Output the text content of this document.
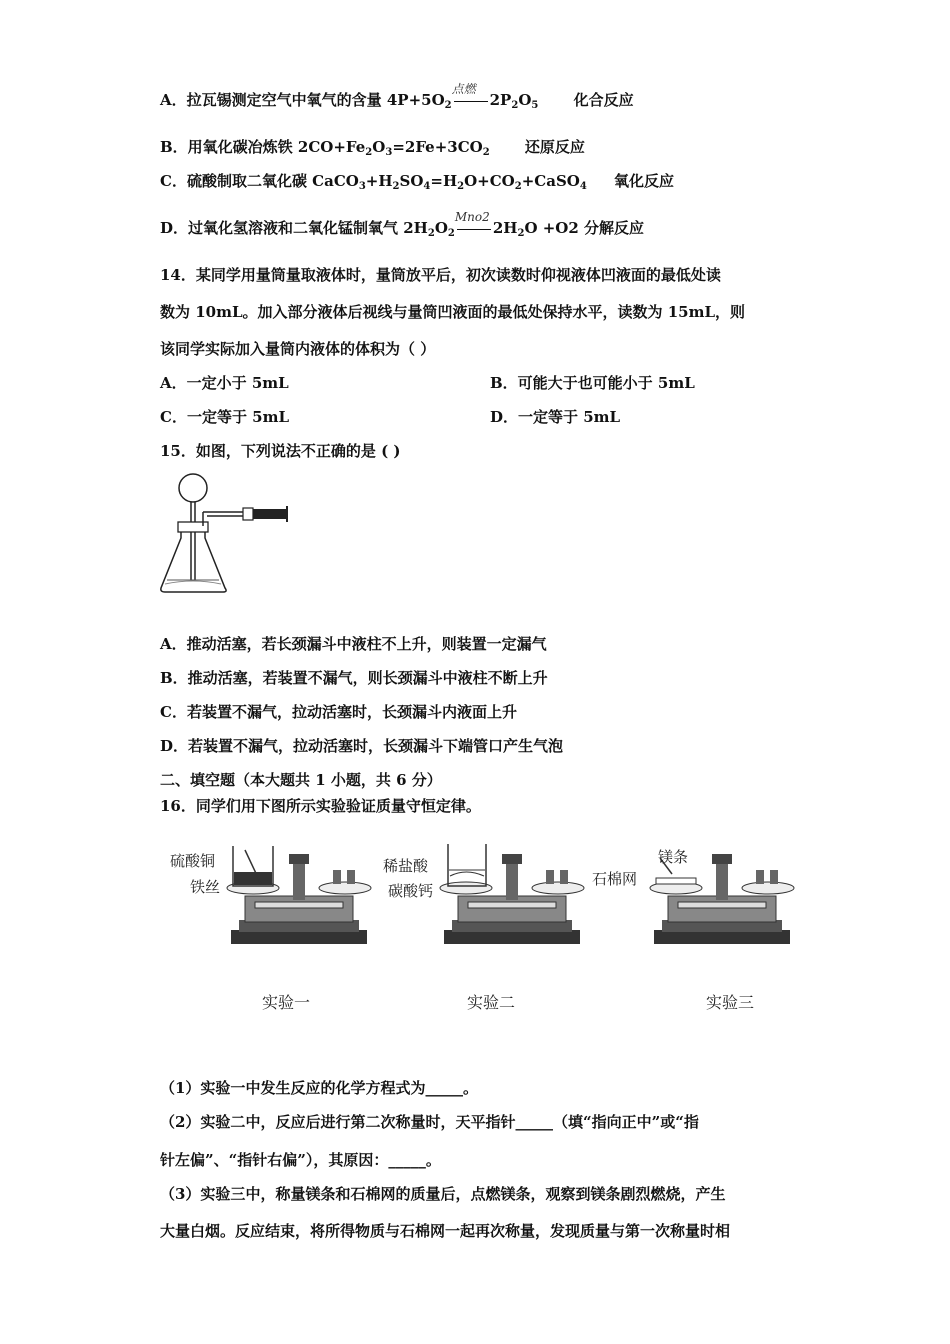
A．拉瓦锡测定空气中氧气的含量 $4P+5O_2$
点燃
$2P_2O_5$ 化合反应
B．用氧化碳冶炼铁 $2CO+Fe_2O_3=2Fe+3CO_2$ 还原反应
C．硫酸制取二氧化碳 $CaCO_3+H_2SO_4=H_2O+CO_2+CaSO_4$ 氧化反应
D．过氧化氢溶液和二氧化锰制氧气 $2H_2O_2$
Mno2
$2H_2O +O2$ 分解反应
14．某同学用量筒量取液体时，量筒放平后，初次读数时仰视液体凹液面的最低处读
数为 10mL。加入部分液体后视线与量筒凹液面的最低处保持水平，读数为 15mL，则
该同学实际加入量筒内液体的体积为（ ）
A．一定小于 5mL	B．可能大于也可能小于 5mL
C．一定等于 5mL	D．一定等于 5mL
15．如图，下列说法不正确的是 ( )
A．推动活塞，若长颈漏斗中液柱不上升，则装置一定漏气
B．推动活塞，若装置不漏气，则长颈漏斗中液柱不断上升
C．若装置不漏气，拉动活塞时，长颈漏斗内液面上升
D．若装置不漏气，拉动活塞时，长颈漏斗下端管口产生气泡
二、填空题（本大题共 1 小题，共 6 分）
16．同学们用下图所示实验验证质量守恒定律。
硫酸铜
铁丝
稀盐酸
碳酸钙
镁条
石棉网
实验一	实验二	实验三
（1）实验一中发生反应的化学方程式为_____。
（2）实验二中，反应后进行第二次称量时，天平指针_____（填“指向正中”或“指
针左偏”、“指针右偏”），其原因：_____。
（3）实验三中，称量镁条和石棉网的质量后，点燃镁条，观察到镁条剧烈燃烧，产生
大量白烟。反应结束，将所得物质与石棉网一起再次称量，发现质量与第一次称量时相
